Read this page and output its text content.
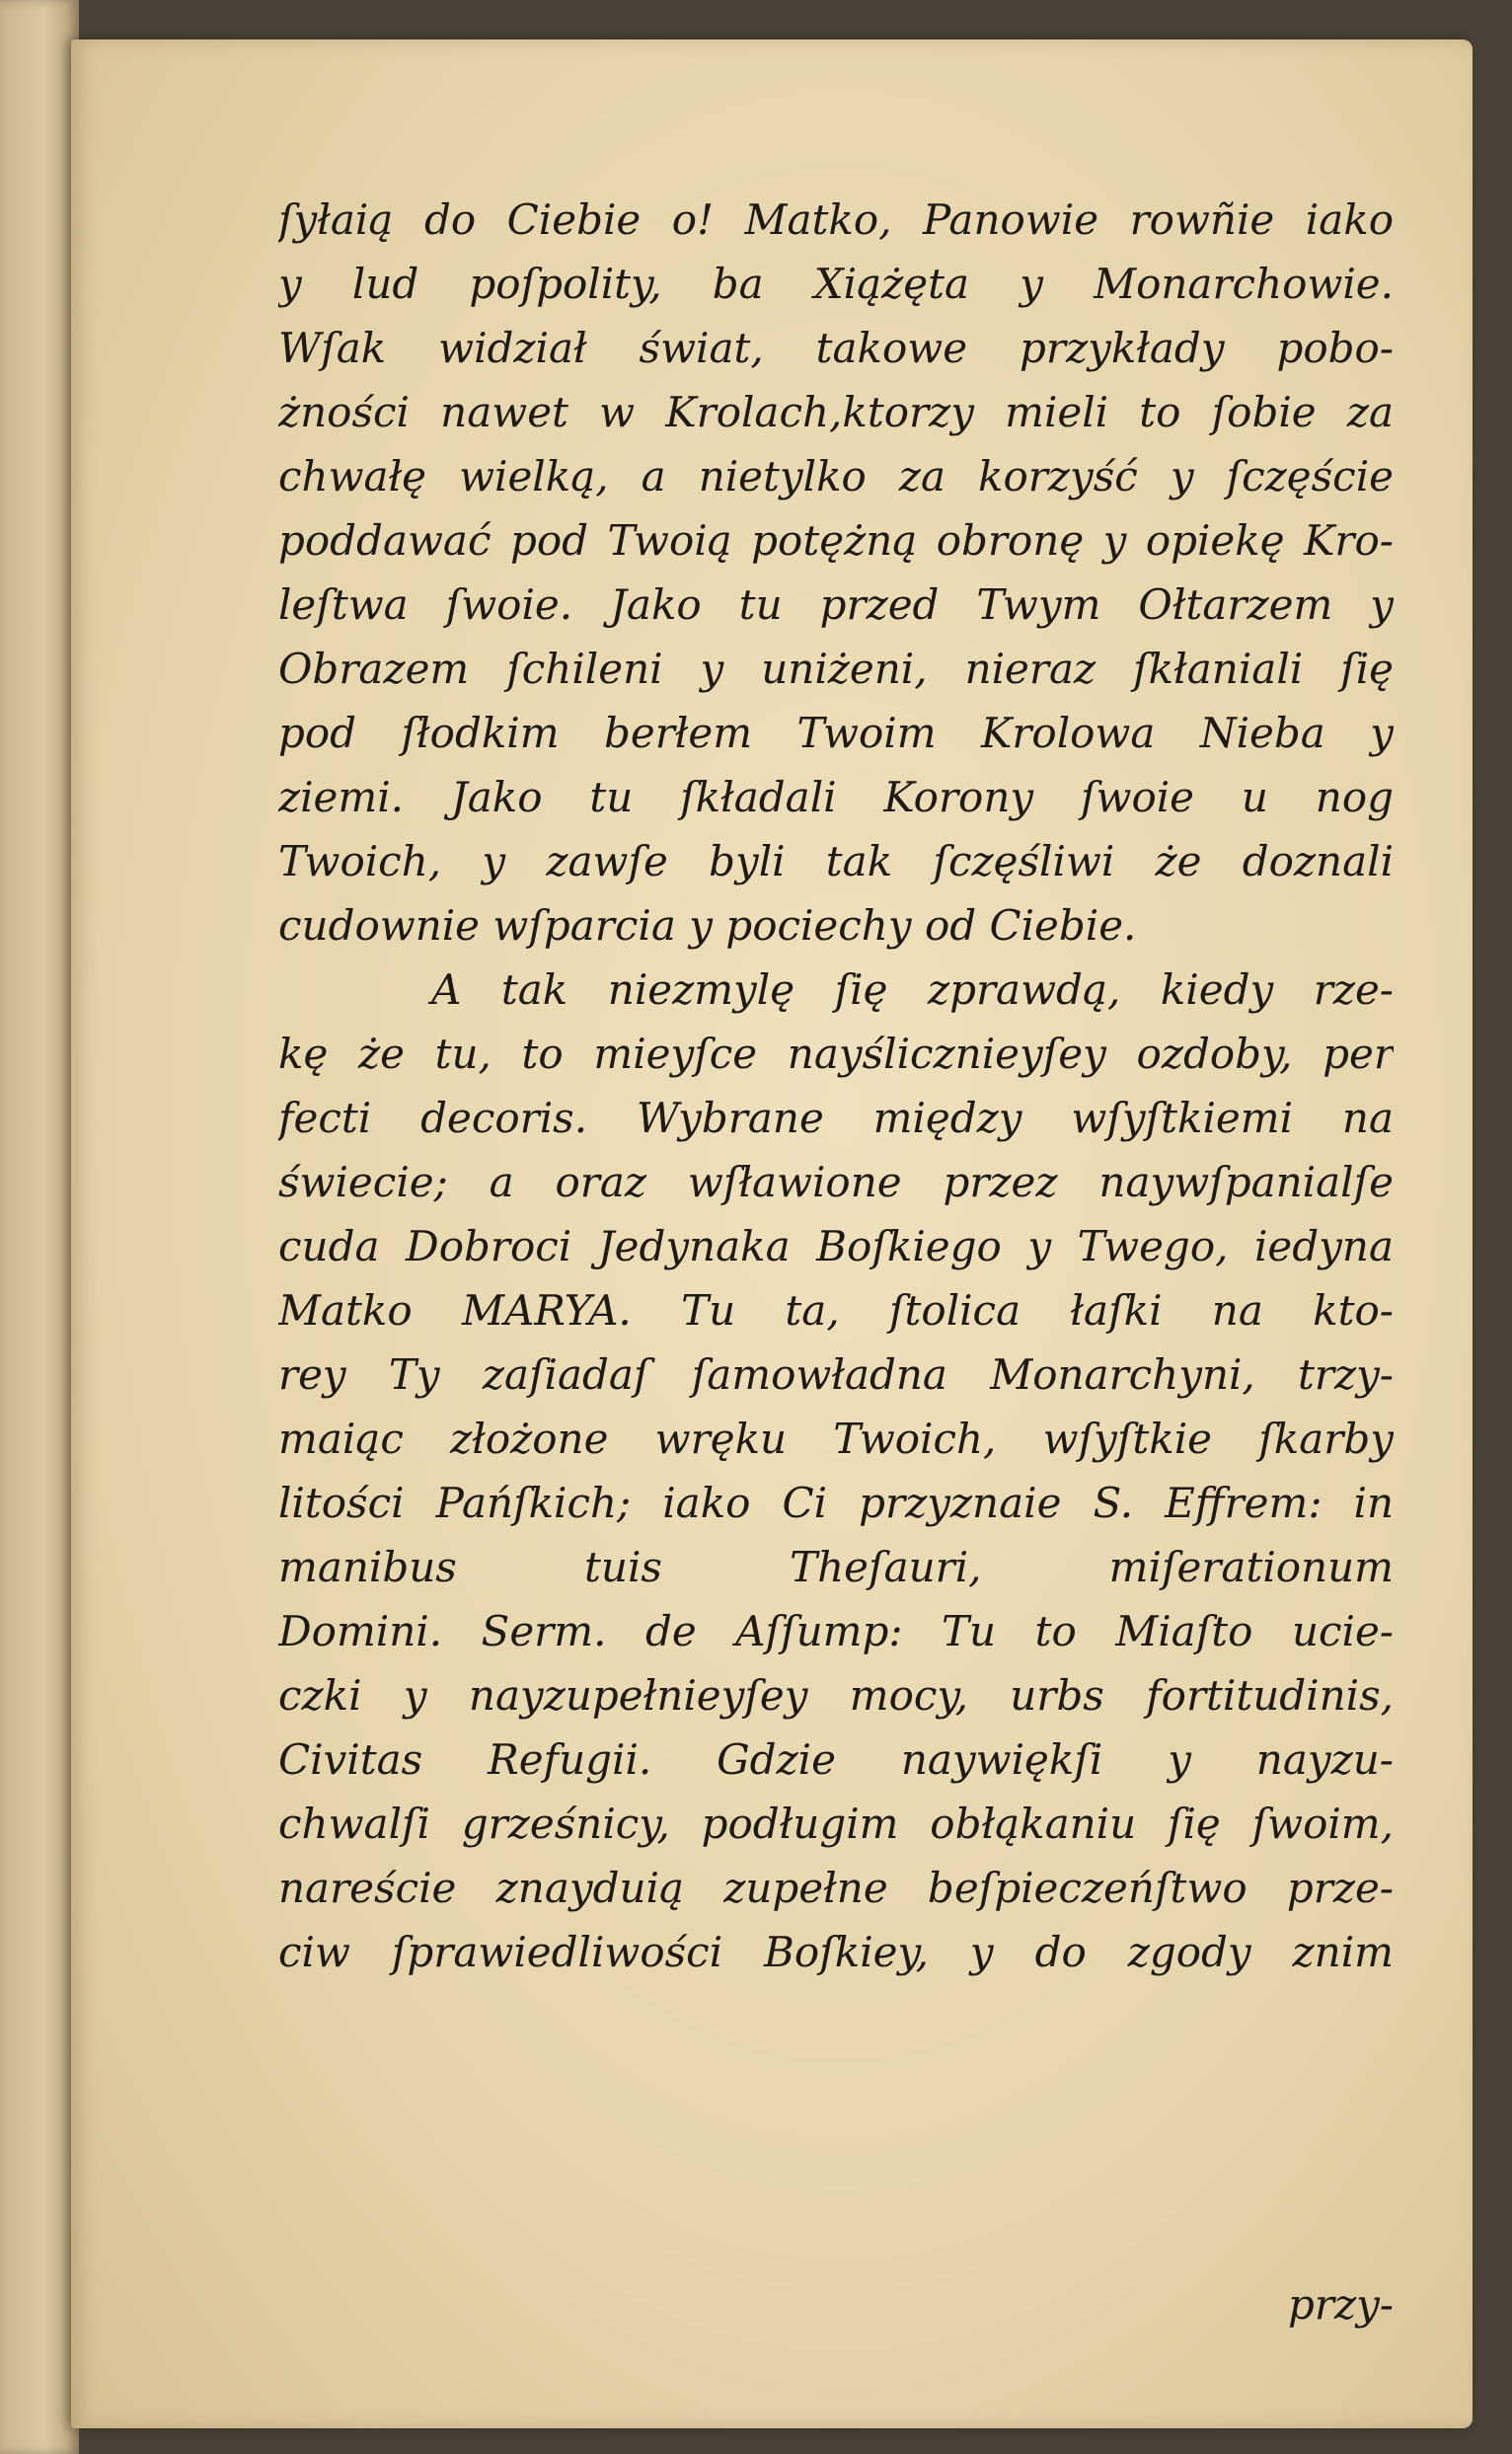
ſyłaią do Ciebie o! Matko, Panowie rowñie iako
y lud poſpolity, ba Xiążęta y Monarchowie.
Wſak widział świat, takowe przykłady pobo-
żności nawet w Krolach,ktorzy mieli to ſobie za
chwałę wielką, a nietylko za korzyść y ſczęście
poddawać pod Twoią potężną obronę y opiekę Kro-
leſtwa ſwoie. Jako tu przed Twym Ołtarzem y
Obrazem ſchileni y uniżeni, nieraz ſkłaniali ſię
pod ſłodkim berłem Twoim Krolowa Nieba y
ziemi. Jako tu ſkładali Korony ſwoie u nog
Twoich, y zawſe byli tak ſczęśliwi że doznali
cudownie wſparcia y pociechy od Ciebie.
A tak niezmylę ſię zprawdą, kiedy rze-
kę że tu, to mieyſce nayślicznieyſey ozdoby, per
fecti decoris. Wybrane między wſyſtkiemi na
świecie; a oraz wſławione przez naywſpanialſe
cuda Dobroci Jedynaka Boſkiego y Twego, iedyna
Matko MARYA. Tu ta, ſtolica łaſki na kto-
rey Ty zaſiadaſ ſamowładna Monarchyni, trzy-
maiąc złożone wręku Twoich, wſyſtkie ſkarby
litości Pańſkich; iako Ci przyznaie S. Effrem: in
manibus tuis Theſauri, miſerationum
Domini. Serm. de Aſſump: Tu to Miaſto ucie-
czki y nayzupełnieyſey mocy, urbs fortitudinis,
Civitas Refugii. Gdzie naywiękſi y nayzu-
chwalſi grześnicy, podługim obłąkaniu ſię ſwoim,
nareście znayduią zupełne beſpieczeńſtwo prze-
ciw ſprawiedliwości Boſkiey, y do zgody znim
przy-
